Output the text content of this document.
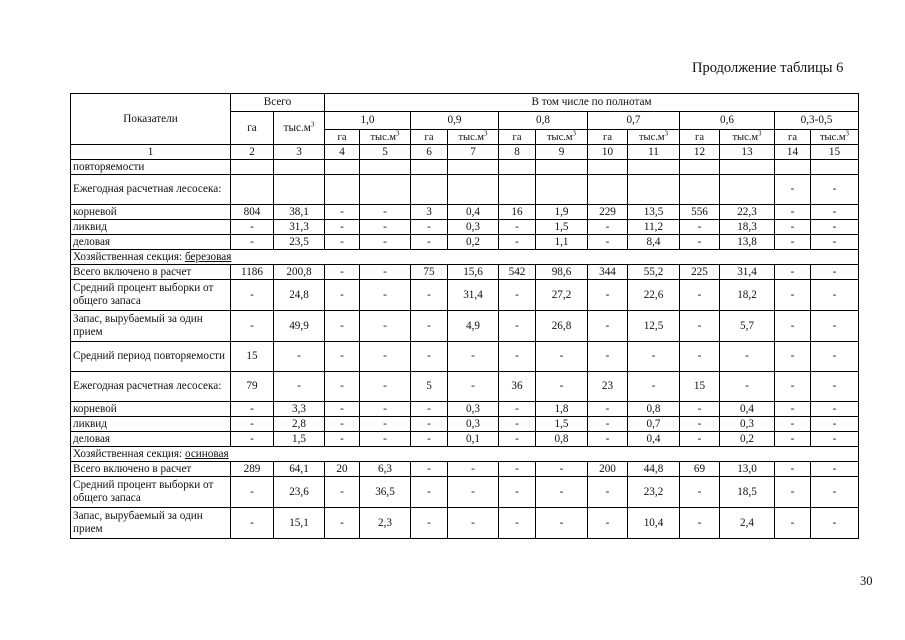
Продолжение таблицы 6
Показатели	Всего		В том числе по полнотам											
	га	$тыс.м^3$	1,0		0,9		0,8		0,7		0,6		0,3-0,5	
			га	$тыс.м^3$	га	$тыс.м^3$	га	$тыс.м^3$	га	$тыс.м^3$	га	$тыс.м^3$	га	$тыс.м^3$
1	2	3	4	5	6	7	8	9	10	11	12	13	14	15
повторяемости														
Ежегодная расчетная лесосека:													-	-
корневой	804	38,1	-	-	3	0,4	16	1,9	229	13,5	556	22,3	-	-
ликвид	-	31,3	-	-	-	0,3	-	1,5	-	11,2	-	18,3	-	-
деловая	-	23,5	-	-	-	0,2	-	1,1	-	8,4	-	13,8	-	-
Хозяйственная секция: березовая														
Всего включено в расчет	1186	200,8	-	-	75	15,6	542	98,6	344	55,2	225	31,4	-	-
Средний процент выборки от общего запаса	-	24,8	-	-	-	31,4	-	27,2	-	22,6	-	18,2	-	-
Запас, вырубаемый за один прием	-	49,9	-	-	-	4,9	-	26,8	-	12,5	-	5,7	-	-
Средний период повторяемости	15	-	-	-	-	-	-	-	-	-	-	-	-	-
Ежегодная расчетная лесосека:	79	-	-	-	5	-	36	-	23	-	15	-	-	-
корневой	-	3,3	-	-	-	0,3	-	1,8	-	0,8	-	0,4	-	-
ликвид	-	2,8	-	-	-	0,3	-	1,5	-	0,7	-	0,3	-	-
деловая	-	1,5	-	-	-	0,1	-	0,8	-	0,4	-	0,2	-	-
Хозяйственная секция: осиновая														
Всего включено в расчет	289	64,1	20	6,3	-	-	-	-	200	44,8	69	13,0	-	-
Средний процент выборки от общего запаса	-	23,6	-	36,5	-	-	-	-	-	23,2	-	18,5	-	-
Запас, вырубаемый за один прием	-	15,1	-	2,3	-	-	-	-	-	10,4	-	2,4	-	-
30
